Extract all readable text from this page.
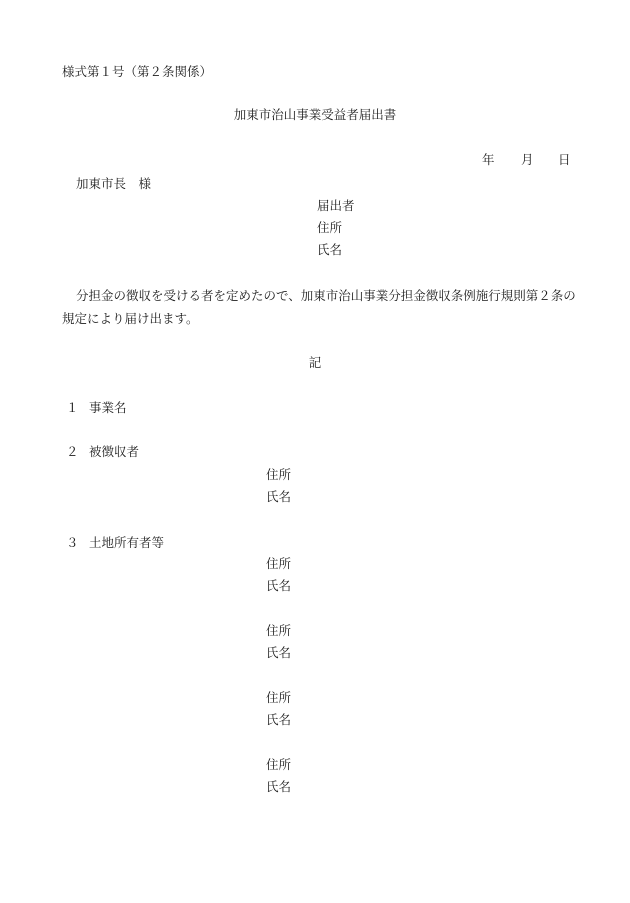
様式第１号（第２条関係）
加東市治山事業受益者届出書
年 月 日
加東市長　様
届出者
住所
氏名
分担金の徴収を受ける者を定めたので、加東市治山事業分担金徴収条例施行規則第２条の
規定により届け出ます。
記
１ 事業名
２ 被徴収者
住所
氏名
３ 土地所有者等
住所
氏名
住所
氏名
住所
氏名
住所
氏名
